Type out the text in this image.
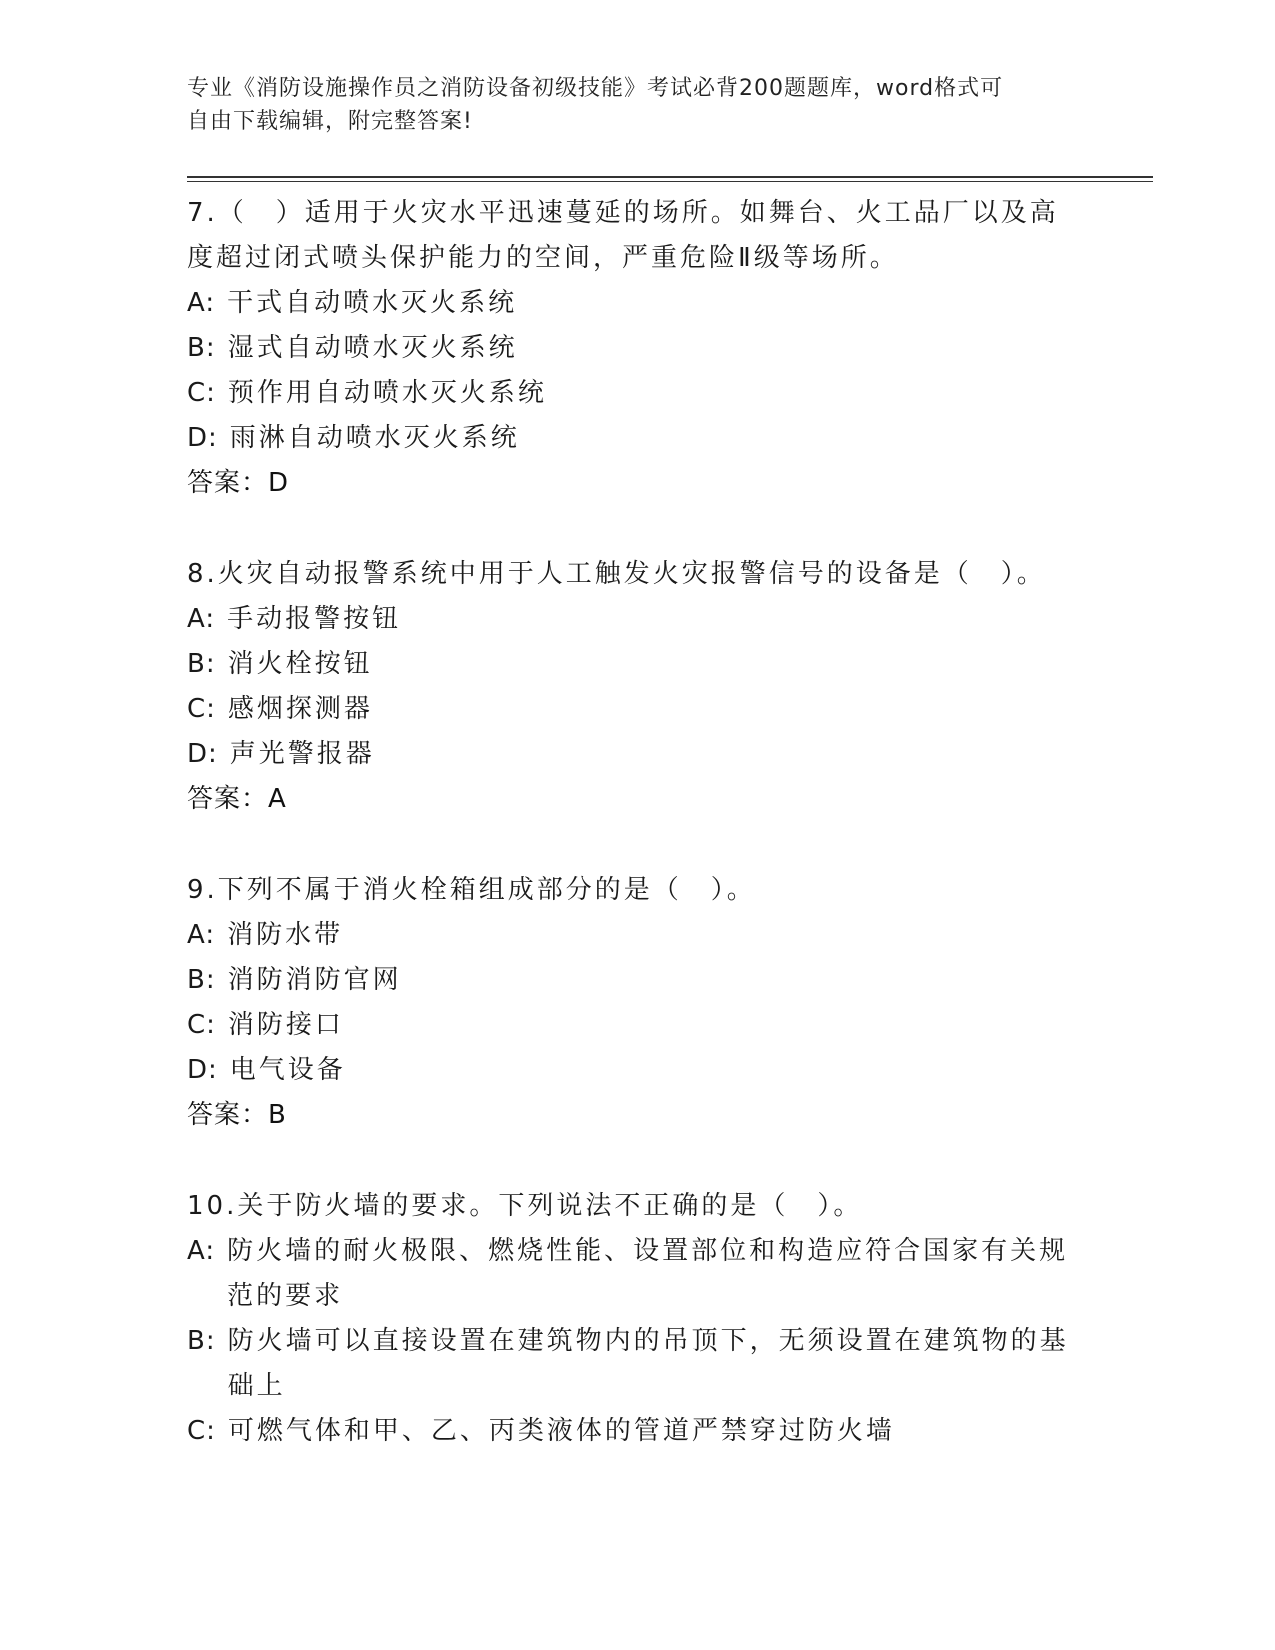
专业《消防设施操作员之消防设备初级技能》考试必背200题题库，word格式可
自由下载编辑，附完整答案!
7.（　）适用于火灾水平迅速蔓延的场所。如舞台、火工品厂以及高
度超过闭式喷头保护能力的空间，严重危险Ⅱ级等场所。
A: 干式自动喷水灭火系统
B: 湿式自动喷水灭火系统
C: 预作用自动喷水灭火系统
D: 雨淋自动喷水灭火系统
答案：D
8.火灾自动报警系统中用于人工触发火灾报警信号的设备是（　）。
A: 手动报警按钮
B: 消火栓按钮
C: 感烟探测器
D: 声光警报器
答案：A
9.下列不属于消火栓箱组成部分的是（　）。
A: 消防水带
B: 消防消防官网
C: 消防接口
D: 电气设备
答案：B
10.关于防火墙的要求。下列说法不正确的是（　）。
A: 防火墙的耐火极限、燃烧性能、设置部位和构造应符合国家有关规范的要求
B: 防火墙可以直接设置在建筑物内的吊顶下，无须设置在建筑物的基础上
C: 可燃气体和甲、乙、丙类液体的管道严禁穿过防火墙
